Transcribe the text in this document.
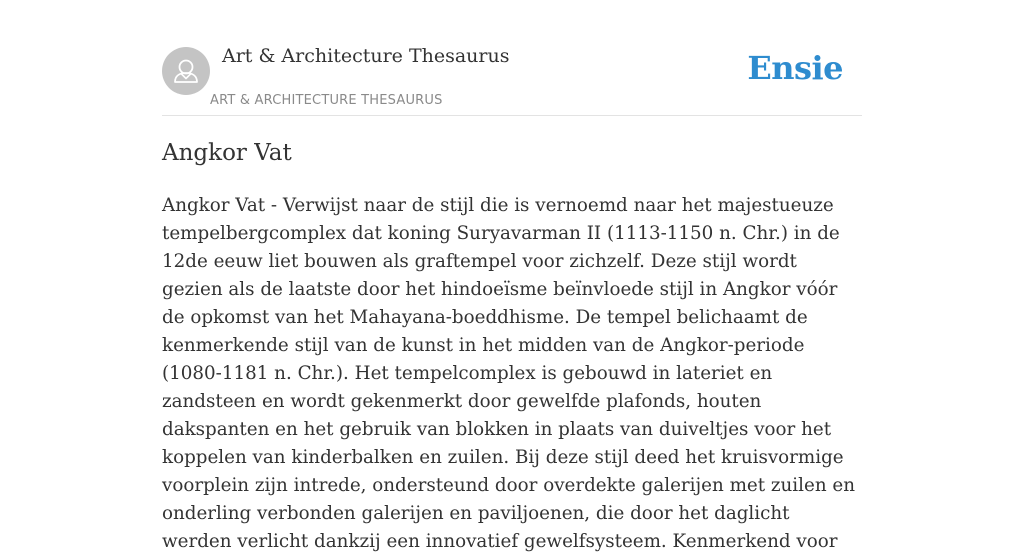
Art & Architecture Thesaurus
ART & ARCHITECTURE THESAURUS
Ensie
Angkor Vat

Angkor Vat - Verwijst naar de stijl die is vernoemd naar het majestueuze tempelbergcomplex dat koning Suryavarman II (1113-1150 n. Chr.) in de 12de eeuw liet bouwen als graftempel voor zichzelf. Deze stijl wordt gezien als de laatste door het hindoeïsme beïnvloede stijl in Angkor vóór de opkomst van het Mahayana-boeddhisme. De tempel belichaamt de kenmerkende stijl van de kunst in het midden van de Angkor-periode (1080-1181 n. Chr.). Het tempelcomplex is gebouwd in lateriet en zandsteen en wordt gekenmerkt door gewelfde plafonds, houten dakspanten en het gebruik van blokken in plaats van duiveltjes voor het koppelen van kinderbalken en zuilen. Bij deze stijl deed het kruisvormige voorplein zijn intrede, ondersteund door overdekte galerijen met zuilen en onderling verbonden galerijen en paviljoenen, die door het daglicht werden verlicht dankzij een innovatief gewelfsysteem. Kenmerkend voor
